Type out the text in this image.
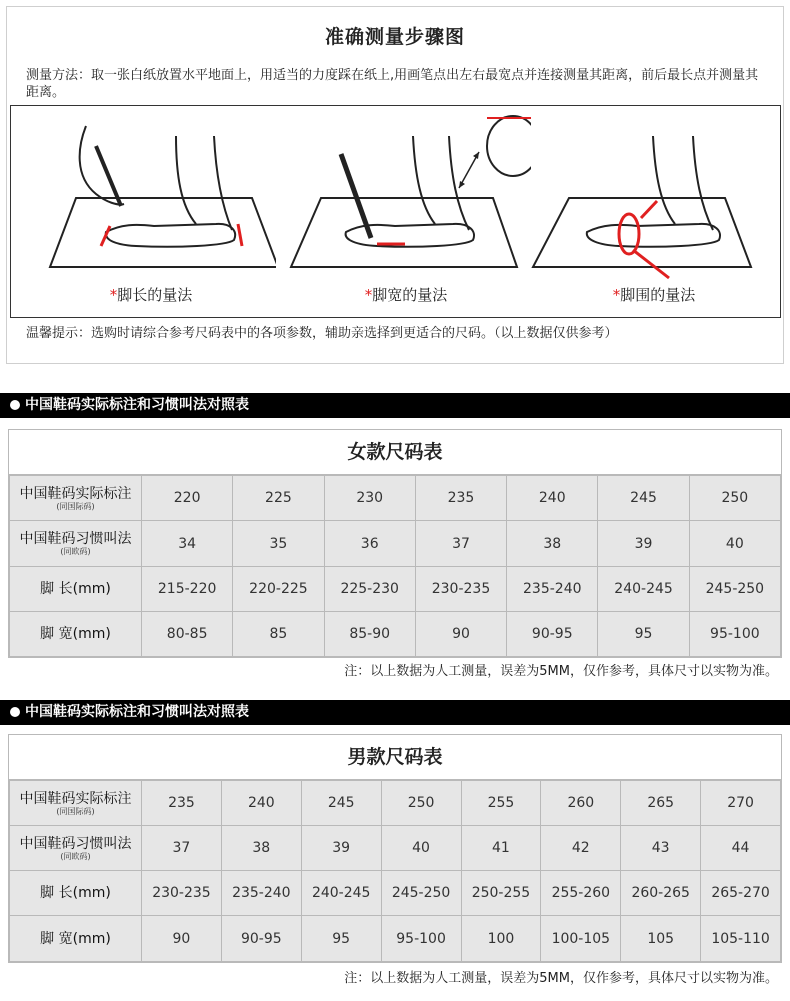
准确测量步骤图
测量方法：取一张白纸放置水平地面上，用适当的力度踩在纸上,用画笔点出左右最宽点并连接测量其距离，前后最长点并测量其距离。
*脚长的量法	*脚宽的量法	*脚围的量法
温馨提示：选购时请综合参考尺码表中的各项参数，辅助亲选择到更适合的尺码。（以上数据仅供参考）
中国鞋码实际标注和习惯叫法对照表
女款尺码表
中国鞋码实际标注
(同国际码)	220	225	230	235	240	245	250
中国鞋码习惯叫法
(同欧码)	34	35	36	37	38	39	40
脚 长(mm)	215-220	220-225	225-230	230-235	235-240	240-245	245-250
脚 宽(mm)	80-85	85	85-90	90	90-95	95	95-100
注：以上数据为人工测量，误差为5MM，仅作参考，具体尺寸以实物为准。
中国鞋码实际标注和习惯叫法对照表
男款尺码表
中国鞋码实际标注
(同国际码)	235	240	245	250	255	260	265	270
中国鞋码习惯叫法
(同欧码)	37	38	39	40	41	42	43	44
脚 长(mm)	230-235	235-240	240-245	245-250	250-255	255-260	260-265	265-270
脚 宽(mm)	90	90-95	95	95-100	100	100-105	105	105-110
注：以上数据为人工测量，误差为5MM，仅作参考，具体尺寸以实物为准。
